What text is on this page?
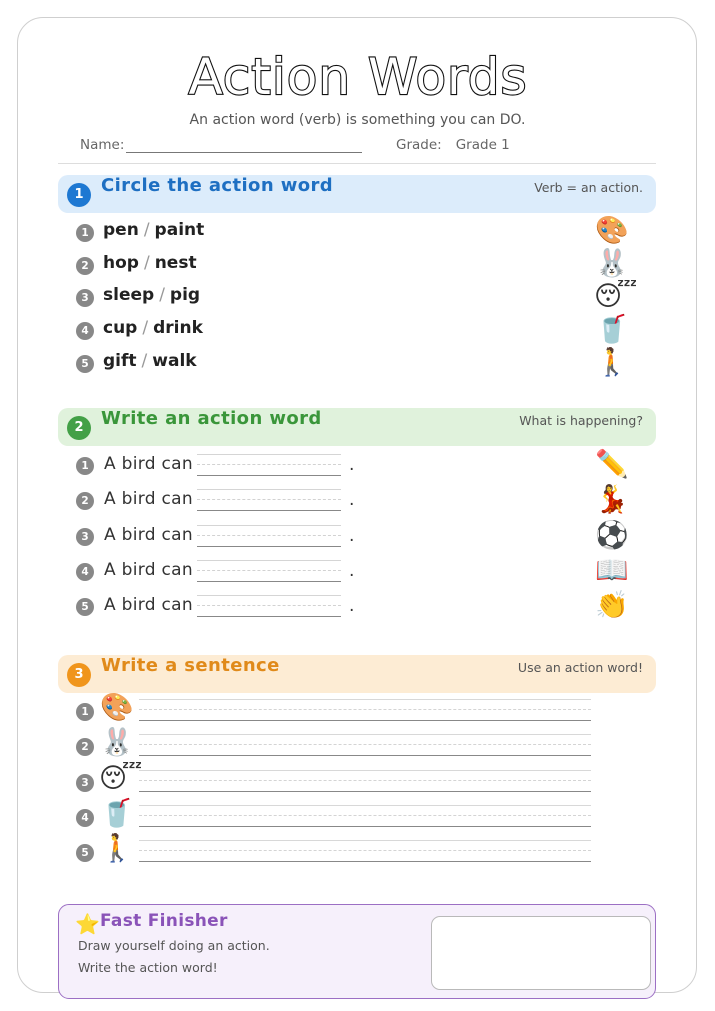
Action Words
An action word (verb) is something you can DO.
Name:	Grade: Grade 1
1 Circle the action word	Verb = an action.
1 pen / paint	🎨
2 hop / nest	🐰
3 sleep / pig	😴
4 cup / drink	🥤
5 gift / walk	🚶
2 Write an action word	What is happening?
1 A bird can	.	✏️
2 A bird can	.	💃
3 A bird can	.	⚽
4 A bird can	.	📖
5 A bird can	.	👏
3 Write a sentence	Use an action word!
1 🎨
2 🐰
3 😴
4 🥤
5 🚶
⭐ Fast Finisher
Draw yourself doing an action.
Write the action word!
